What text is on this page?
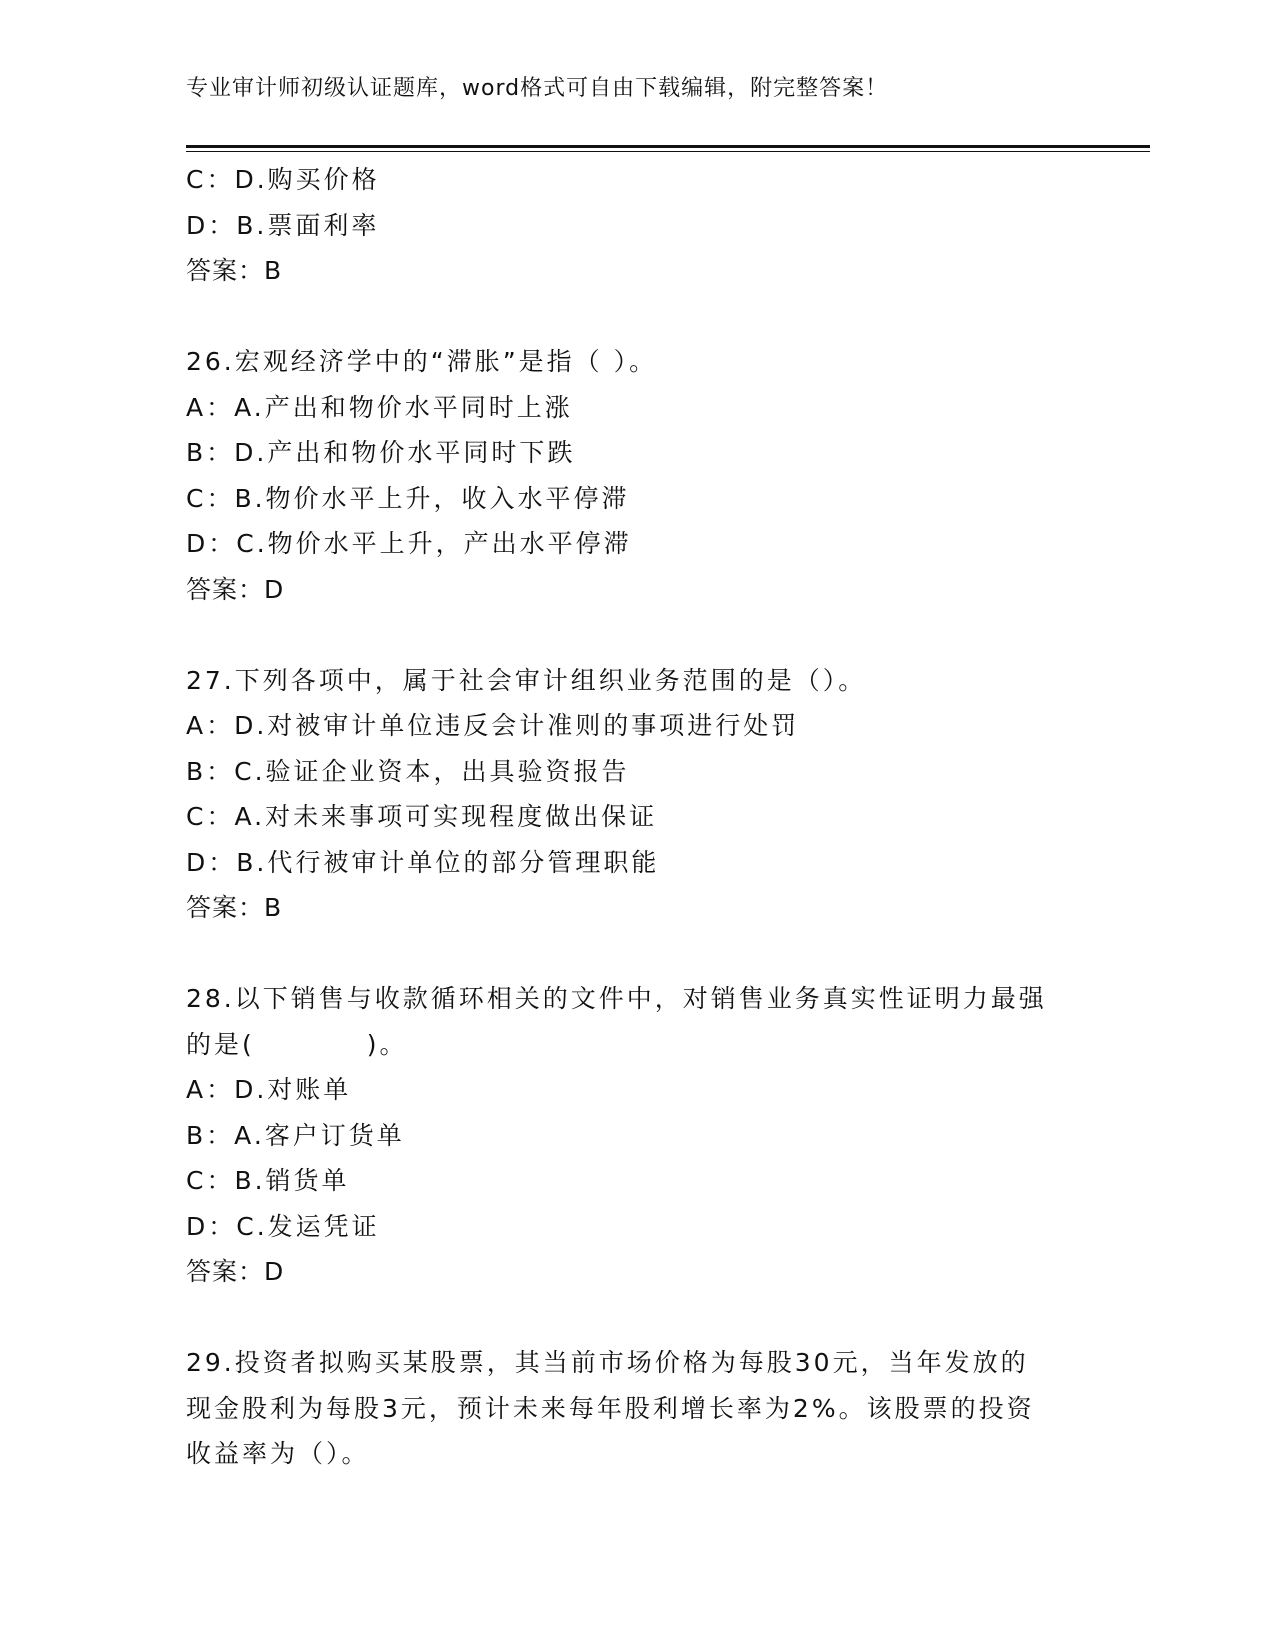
专业审计师初级认证题库，word格式可自由下载编辑，附完整答案！
C：D.购买价格
D：B.票面利率
答案：B
26.宏观经济学中的“滞胀”是指（ ）。
A：A.产出和物价水平同时上涨
B：D.产出和物价水平同时下跌
C：B.物价水平上升，收入水平停滞
D：C.物价水平上升，产出水平停滞
答案：D
27.下列各项中，属于社会审计组织业务范围的是（）。
A：D.对被审计单位违反会计准则的事项进行处罚
B：C.验证企业资本，出具验资报告
C：A.对未来事项可实现程度做出保证
D：B.代行被审计单位的部分管理职能
答案：B
28.以下销售与收款循环相关的文件中，对销售业务真实性证明力最强
的是(　　　　)。
A：D.对账单
B：A.客户订货单
C：B.销货单
D：C.发运凭证
答案：D
29.投资者拟购买某股票，其当前市场价格为每股30元，当年发放的
现金股利为每股3元，预计未来每年股利增长率为2%。该股票的投资
收益率为（）。
